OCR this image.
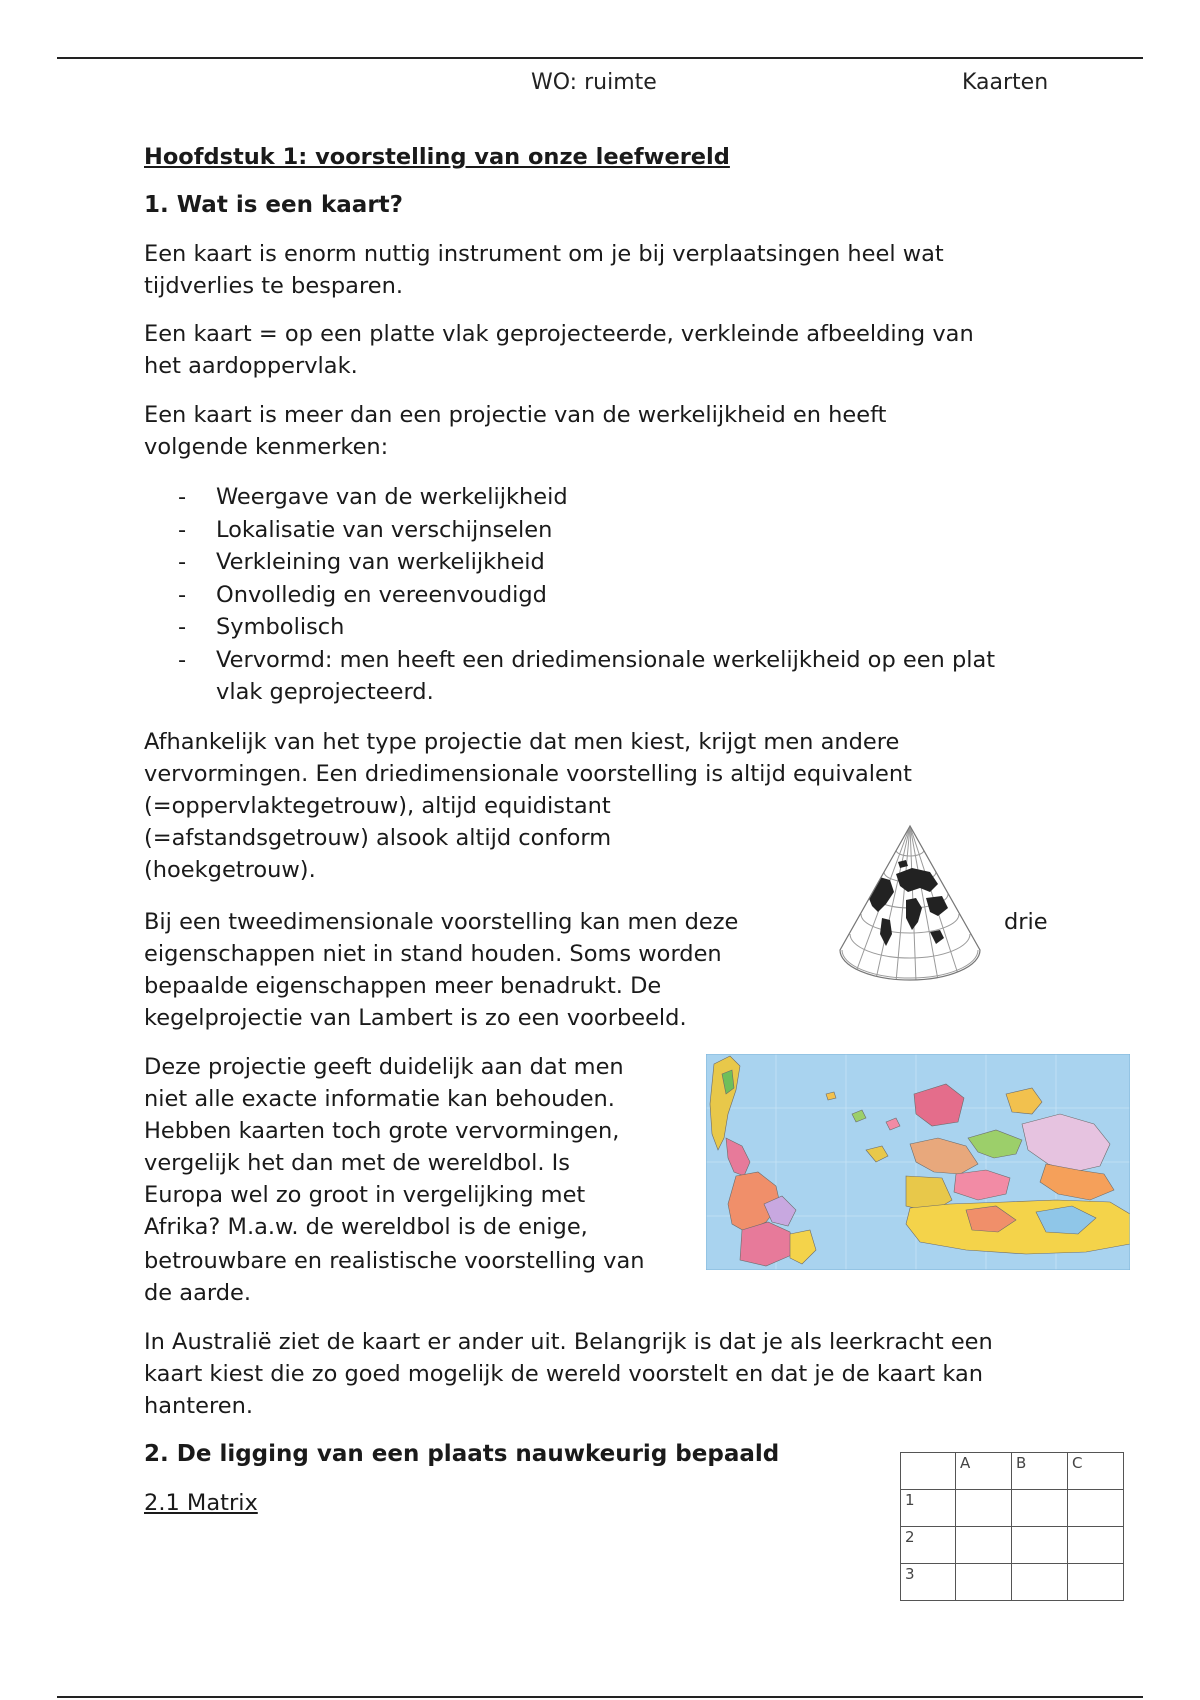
WO: ruimte	Kaarten
Hoofdstuk 1: voorstelling van onze leefwereld
1. Wat is een kaart?
Een kaart is enorm nuttig instrument om je bij verplaatsingen heel wat
tijdverlies te besparen.
Een kaart = op een platte vlak geprojecteerde, verkleinde afbeelding van
het aardoppervlak.
Een kaart is meer dan een projectie van de werkelijkheid en heeft
volgende kenmerken:
- Weergave van de werkelijkheid
- Lokalisatie van verschijnselen
- Verkleining van werkelijkheid
- Onvolledig en vereenvoudigd
- Symbolisch
- Vervormd: men heeft een driedimensionale werkelijkheid op een plat
vlak geprojecteerd.
Afhankelijk van het type projectie dat men kiest, krijgt men andere
vervormingen. Een driedimensionale voorstelling is altijd equivalent
(=oppervlaktegetrouw), altijd equidistant
(=afstandsgetrouw) alsook altijd conform
(hoekgetrouw).
Bij een tweedimensionale voorstelling kan men deze	drie
eigenschappen niet in stand houden. Soms worden
bepaalde eigenschappen meer benadrukt. De
kegelprojectie van Lambert is zo een voorbeeld.
Deze projectie geeft duidelijk aan dat men
niet alle exacte informatie kan behouden.
Hebben kaarten toch grote vervormingen,
vergelijk het dan met de wereldbol. Is
Europa wel zo groot in vergelijking met
Afrika? M.a.w. de wereldbol is de enige,
betrouwbare en realistische voorstelling van
de aarde.
In Australië ziet de kaart er ander uit. Belangrijk is dat je als leerkracht een
kaart kiest die zo goed mogelijk de wereld voorstelt en dat je de kaart kan
hanteren.
2. De ligging van een plaats nauwkeurig bepaald
2.1 Matrix
	A	B	C
1			
2			
3			
